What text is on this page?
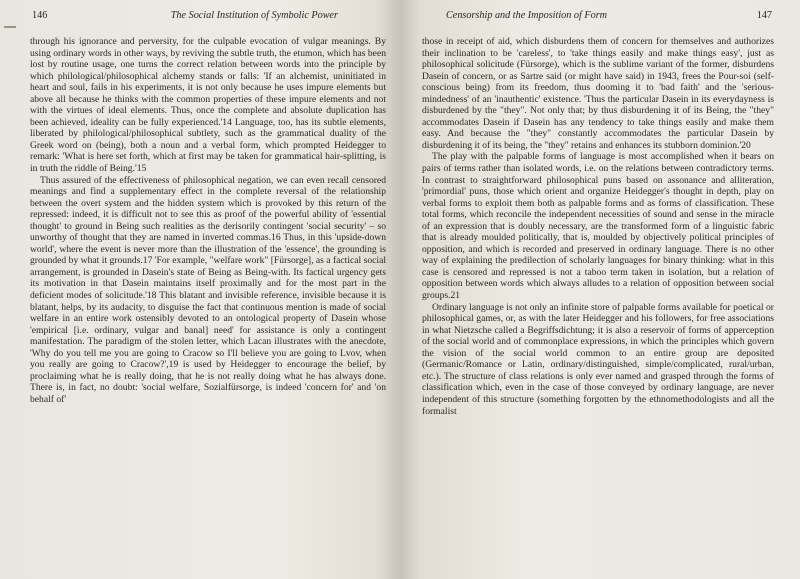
146	The Social Institution of Symbolic Power

through his ignorance and perversity, for the culpable evocation of vulgar meanings. By using ordinary words in other ways, by reviving the subtle truth, the etumon, which has been lost by routine usage, one turns the correct relation between words into the principle by which philological/philosophical alchemy stands or falls: 'If an alchemist, uninitiated in heart and soul, fails in his experiments, it is not only because he uses impure elements but above all because he thinks with the common properties of these impure elements and not with the virtues of ideal elements. Thus, once the complete and absolute duplication has been achieved, ideality can be fully experienced.'14 Language, too, has its subtle elements, liberated by philological/philosophical subtlety, such as the grammatical duality of the Greek word on (being), both a noun and a verbal form, which prompted Heidegger to remark: 'What is here set forth, which at first may be taken for grammatical hair-splitting, is in truth the riddle of Being.'15

Thus assured of the effectiveness of philosophical negation, we can even recall censored meanings and find a supplementary effect in the complete reversal of the relationship between the overt system and the hidden system which is provoked by this return of the repressed: indeed, it is difficult not to see this as proof of the powerful ability of 'essential thought' to ground in Being such realities as the derisorily contingent 'social security' – so unworthy of thought that they are named in inverted commas.16 Thus, in this 'upside-down world', where the event is never more than the illustration of the 'essence', the grounding is grounded by what it grounds.17 'For example, "welfare work" [Fürsorge], as a factical social arrangement, is grounded in Dasein's state of Being as Being-with. Its factical urgency gets its motivation in that Dasein maintains itself proximally and for the most part in the deficient modes of solicitude.'18 This blatant and invisible reference, invisible because it is blatant, helps, by its audacity, to disguise the fact that continuous mention is made of social welfare in an entire work ostensibly devoted to an ontological property of Dasein whose 'empirical [i.e. ordinary, vulgar and banal] need' for assistance is only a contingent manifestation. The paradigm of the stolen letter, which Lacan illustrates with the anecdote, 'Why do you tell me you are going to Cracow so I'll believe you are going to Lvov, when you really are going to Cracow?',19 is used by Heidegger to encourage the belief, by proclaiming what he is really doing, that he is not really doing what he has always done. There is, in fact, no doubt: 'social welfare, Sozialfürsorge, is indeed 'concern for' and 'on behalf of'

Censorship and the Imposition of Form	147

those in receipt of aid, which disburdens them of concern for themselves and authorizes their inclination to be 'careless', to 'take things easily and make things easy', just as philosophical solicitude (Fürsorge), which is the sublime variant of the former, disburdens Dasein of concern, or as Sartre said (or might have said) in 1943, frees the Pour-soi (self-conscious being) from its freedom, thus dooming it to 'bad faith' and the 'serious-mindedness' of an 'inauthentic' existence. 'Thus the particular Dasein in its everydayness is disburdened by the "they". Not only that; by thus disburdening it of its Being, the "they" accommodates Dasein if Dasein has any tendency to take things easily and make them easy. And because the "they" constantly accommodates the particular Dasein by disburdening it of its being, the "they" retains and enhances its stubborn dominion.'20

The play with the palpable forms of language is most accomplished when it bears on pairs of terms rather than isolated words, i.e. on the relations between contradictory terms. In contrast to straightforward philosophical puns based on assonance and alliteration, 'primordial' puns, those which orient and organize Heidegger's thought in depth, play on verbal forms to exploit them both as palpable forms and as forms of classification. These total forms, which reconcile the independent necessities of sound and sense in the miracle of an expression that is doubly necessary, are the transformed form of a linguistic fabric that is already moulded politically, that is, moulded by objectively political principles of opposition, and which is recorded and preserved in ordinary language. There is no other way of explaining the predilection of scholarly languages for binary thinking: what in this case is censored and repressed is not a taboo term taken in isolation, but a relation of opposition between words which always alludes to a relation of opposition between social groups.21

Ordinary language is not only an infinite store of palpable forms available for poetical or philosophical games, or, as with the later Heidegger and his followers, for free associations in what Nietzsche called a Begriffsdichtung; it is also a reservoir of forms of apperception of the social world and of commonplace expressions, in which the principles which govern the vision of the social world common to an entire group are deposited (Germanic/Romance or Latin, ordinary/distinguished, simple/complicated, rural/urban, etc.). The structure of class relations is only ever named and grasped through the forms of classification which, even in the case of those conveyed by ordinary language, are never independent of this structure (something forgotten by the ethnomethodologists and all the formalist
